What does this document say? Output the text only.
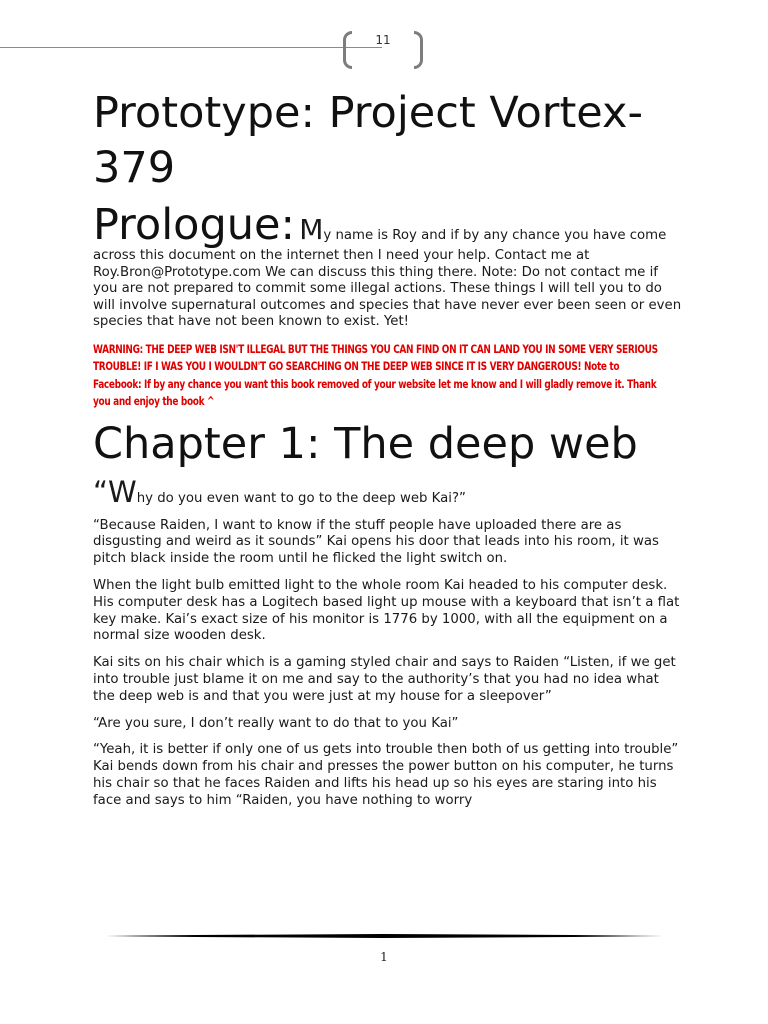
11
Prototype: Project Vortex-379

Prologue: My name is Roy and if by any chance you have come across this document on the internet then I need your help. Contact me at Roy.Bron@Prototype.com We can discuss this thing there. Note: Do not contact me if you are not prepared to commit some illegal actions. These things I will tell you to do will involve supernatural outcomes and species that have never ever been seen or even species that have not been known to exist. Yet!

WARNING: THE DEEP WEB ISN'T ILLEGAL BUT THE THINGS YOU CAN FIND ON IT CAN LAND YOU IN SOME VERY SERIOUS TROUBLE! IF I WAS YOU I WOULDN'T GO SEARCHING ON THE DEEP WEB SINCE IT IS VERY DANGEROUS! Note to Facebook: If by any chance you want this book removed of your website let me know and I will gladly remove it. Thank you and enjoy the book ^

Chapter 1: The deep web

“Why do you even want to go to the deep web Kai?”

“Because Raiden, I want to know if the stuff people have uploaded there are as disgusting and weird as it sounds” Kai opens his door that leads into his room, it was pitch black inside the room until he flicked the light switch on.

When the light bulb emitted light to the whole room Kai headed to his computer desk. His computer desk has a Logitech based light up mouse with a keyboard that isn’t a flat key make. Kai’s exact size of his monitor is 1776 by 1000, with all the equipment on a normal size wooden desk.

Kai sits on his chair which is a gaming styled chair and says to Raiden “Listen, if we get into trouble just blame it on me and say to the authority’s that you had no idea what the deep web is and that you were just at my house for a sleepover”

“Are you sure, I don’t really want to do that to you Kai”

“Yeah, it is better if only one of us gets into trouble then both of us getting into trouble” Kai bends down from his chair and presses the power button on his computer, he turns his chair so that he faces Raiden and lifts his head up so his eyes are staring into his face and says to him “Raiden, you have nothing to worry

1
